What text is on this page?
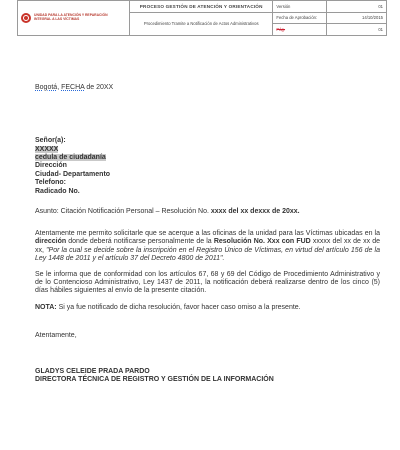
UNIDAD PARA LA ATENCIÓN Y REPARACIÓN
INTEGRAL A LAS VÍCTIMAS	PROCESO GESTIÓN DE ATENCIÓN Y ORIENTACIÓN	Versión	01
	Procedimiento Tramite a Notificación de Actos Administrativos	Fecha de Aprobación:	14/10/2015
		Pág.	01
Bogotá, FECHA de 20XX
Señor(a):
XXXXX
cedula de ciudadanía
Dirección
Ciudad- Departamento
Telefono:
Radicado No.
Asunto: Citación Notificación Personal – Resolución No. xxxx del xx dexxx de 20xx.

Atentamente me permito solicitarle que se acerque a las oficinas de la unidad para las Víctimas ubicadas en la dirección donde deberá notificarse personalmente de la Resolución No. Xxx con FUD xxxxx del xx de xx de xx, "Por la cual se decide sobre la inscripción en el Registro Único de Víctimas, en virtud del artículo 156 de la Ley 1448 de 2011 y el artículo 37 del Decreto 4800 de 2011".

Se le informa que de conformidad con los artículos 67, 68 y 69 del Código de Procedimiento Administrativo y de lo Contencioso Administrativo, Ley 1437 de 2011, la notificación deberá realizarse dentro de los cinco (5) días hábiles siguientes al envío de la presente citación.

NOTA: Si ya fue notificado de dicha resolución, favor hacer caso omiso a la presente.

Atentamente,
GLADYS CELEIDE PRADA PARDO
DIRECTORA TÉCNICA DE REGISTRO Y GESTIÓN DE LA INFORMACIÓN
